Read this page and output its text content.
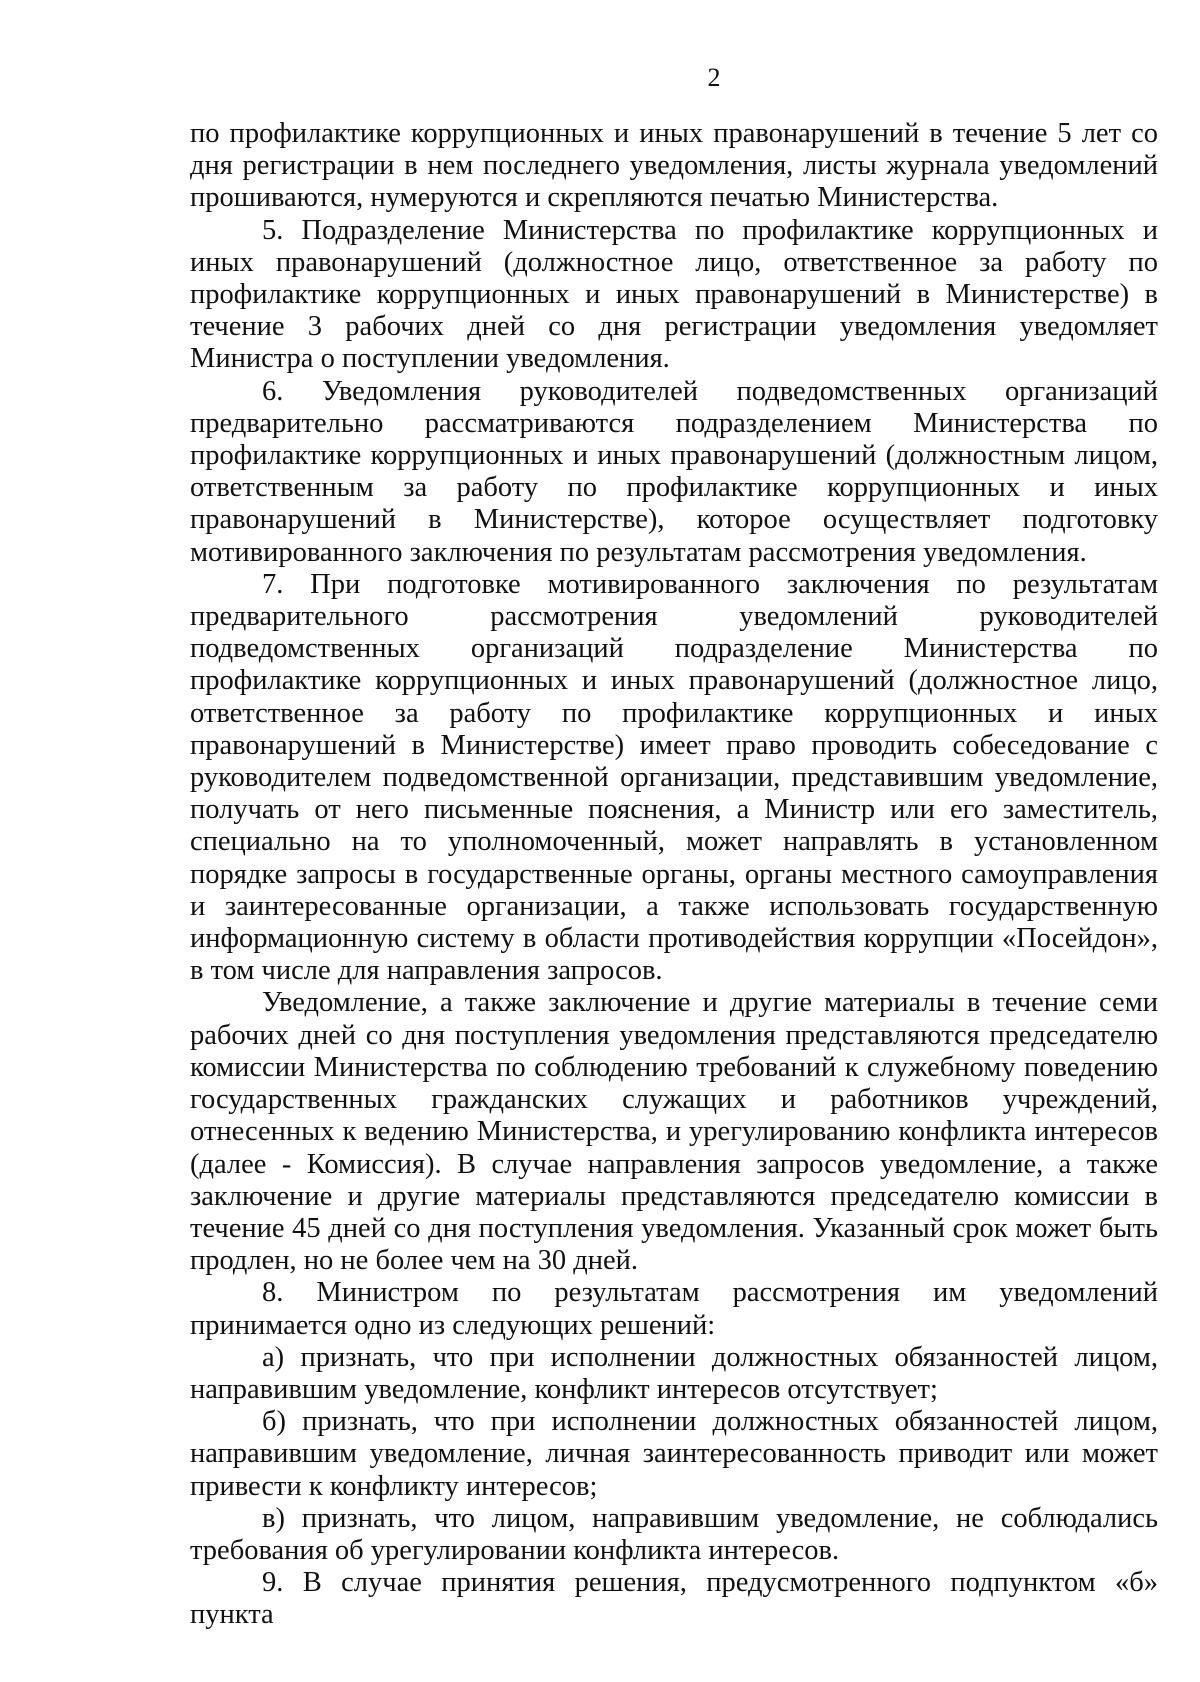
2

по профилактике коррупционных и иных правонарушений в течение 5 лет со дня регистрации в нем последнего уведомления, листы журнала уведомлений прошиваются, нумеруются и скрепляются печатью Министерства.

5. Подразделение Министерства по профилактике коррупционных и иных правонарушений (должностное лицо, ответственное за работу по профилактике коррупционных и иных правонарушений в Министерстве) в течение 3 рабочих дней со дня регистрации уведомления уведомляет Министра о поступлении уведомления.

6. Уведомления руководителей подведомственных организаций предварительно рассматриваются подразделением Министерства по профилактике коррупционных и иных правонарушений (должностным лицом, ответственным за работу по профилактике коррупционных и иных правонарушений в Министерстве), которое осуществляет подготовку мотивированного заключения по результатам рассмотрения уведомления.

7. При подготовке мотивированного заключения по результатам предварительного рассмотрения уведомлений руководителей подведомственных организаций подразделение Министерства по профилактике коррупционных и иных правонарушений (должностное лицо, ответственное за работу по профилактике коррупционных и иных правонарушений в Министерстве) имеет право проводить собеседование с руководителем подведомственной организации, представившим уведомление, получать от него письменные пояснения, а Министр или его заместитель, специально на то уполномоченный, может направлять в установленном порядке запросы в государственные органы, органы местного самоуправления и заинтересованные организации, а также использовать государственную информационную систему в области противодействия коррупции «Посейдон», в том числе для направления запросов.

Уведомление, а также заключение и другие материалы в течение семи рабочих дней со дня поступления уведомления представляются председателю комиссии Министерства по соблюдению требований к служебному поведению государственных гражданских служащих и работников учреждений, отнесенных к ведению Министерства, и урегулированию конфликта интересов (далее - Комиссия). В случае направления запросов уведомление, а также заключение и другие материалы представляются председателю комиссии в течение 45 дней со дня поступления уведомления. Указанный срок может быть продлен, но не более чем на 30 дней.

8. Министром по результатам рассмотрения им уведомлений принимается одно из следующих решений:

а) признать, что при исполнении должностных обязанностей лицом, направившим уведомление, конфликт интересов отсутствует;

б) признать, что при исполнении должностных обязанностей лицом, направившим уведомление, личная заинтересованность приводит или может привести к конфликту интересов;

в) признать, что лицом, направившим уведомление, не соблюдались требования об урегулировании конфликта интересов.

9. В случае принятия решения, предусмотренного подпунктом «б» пункта
